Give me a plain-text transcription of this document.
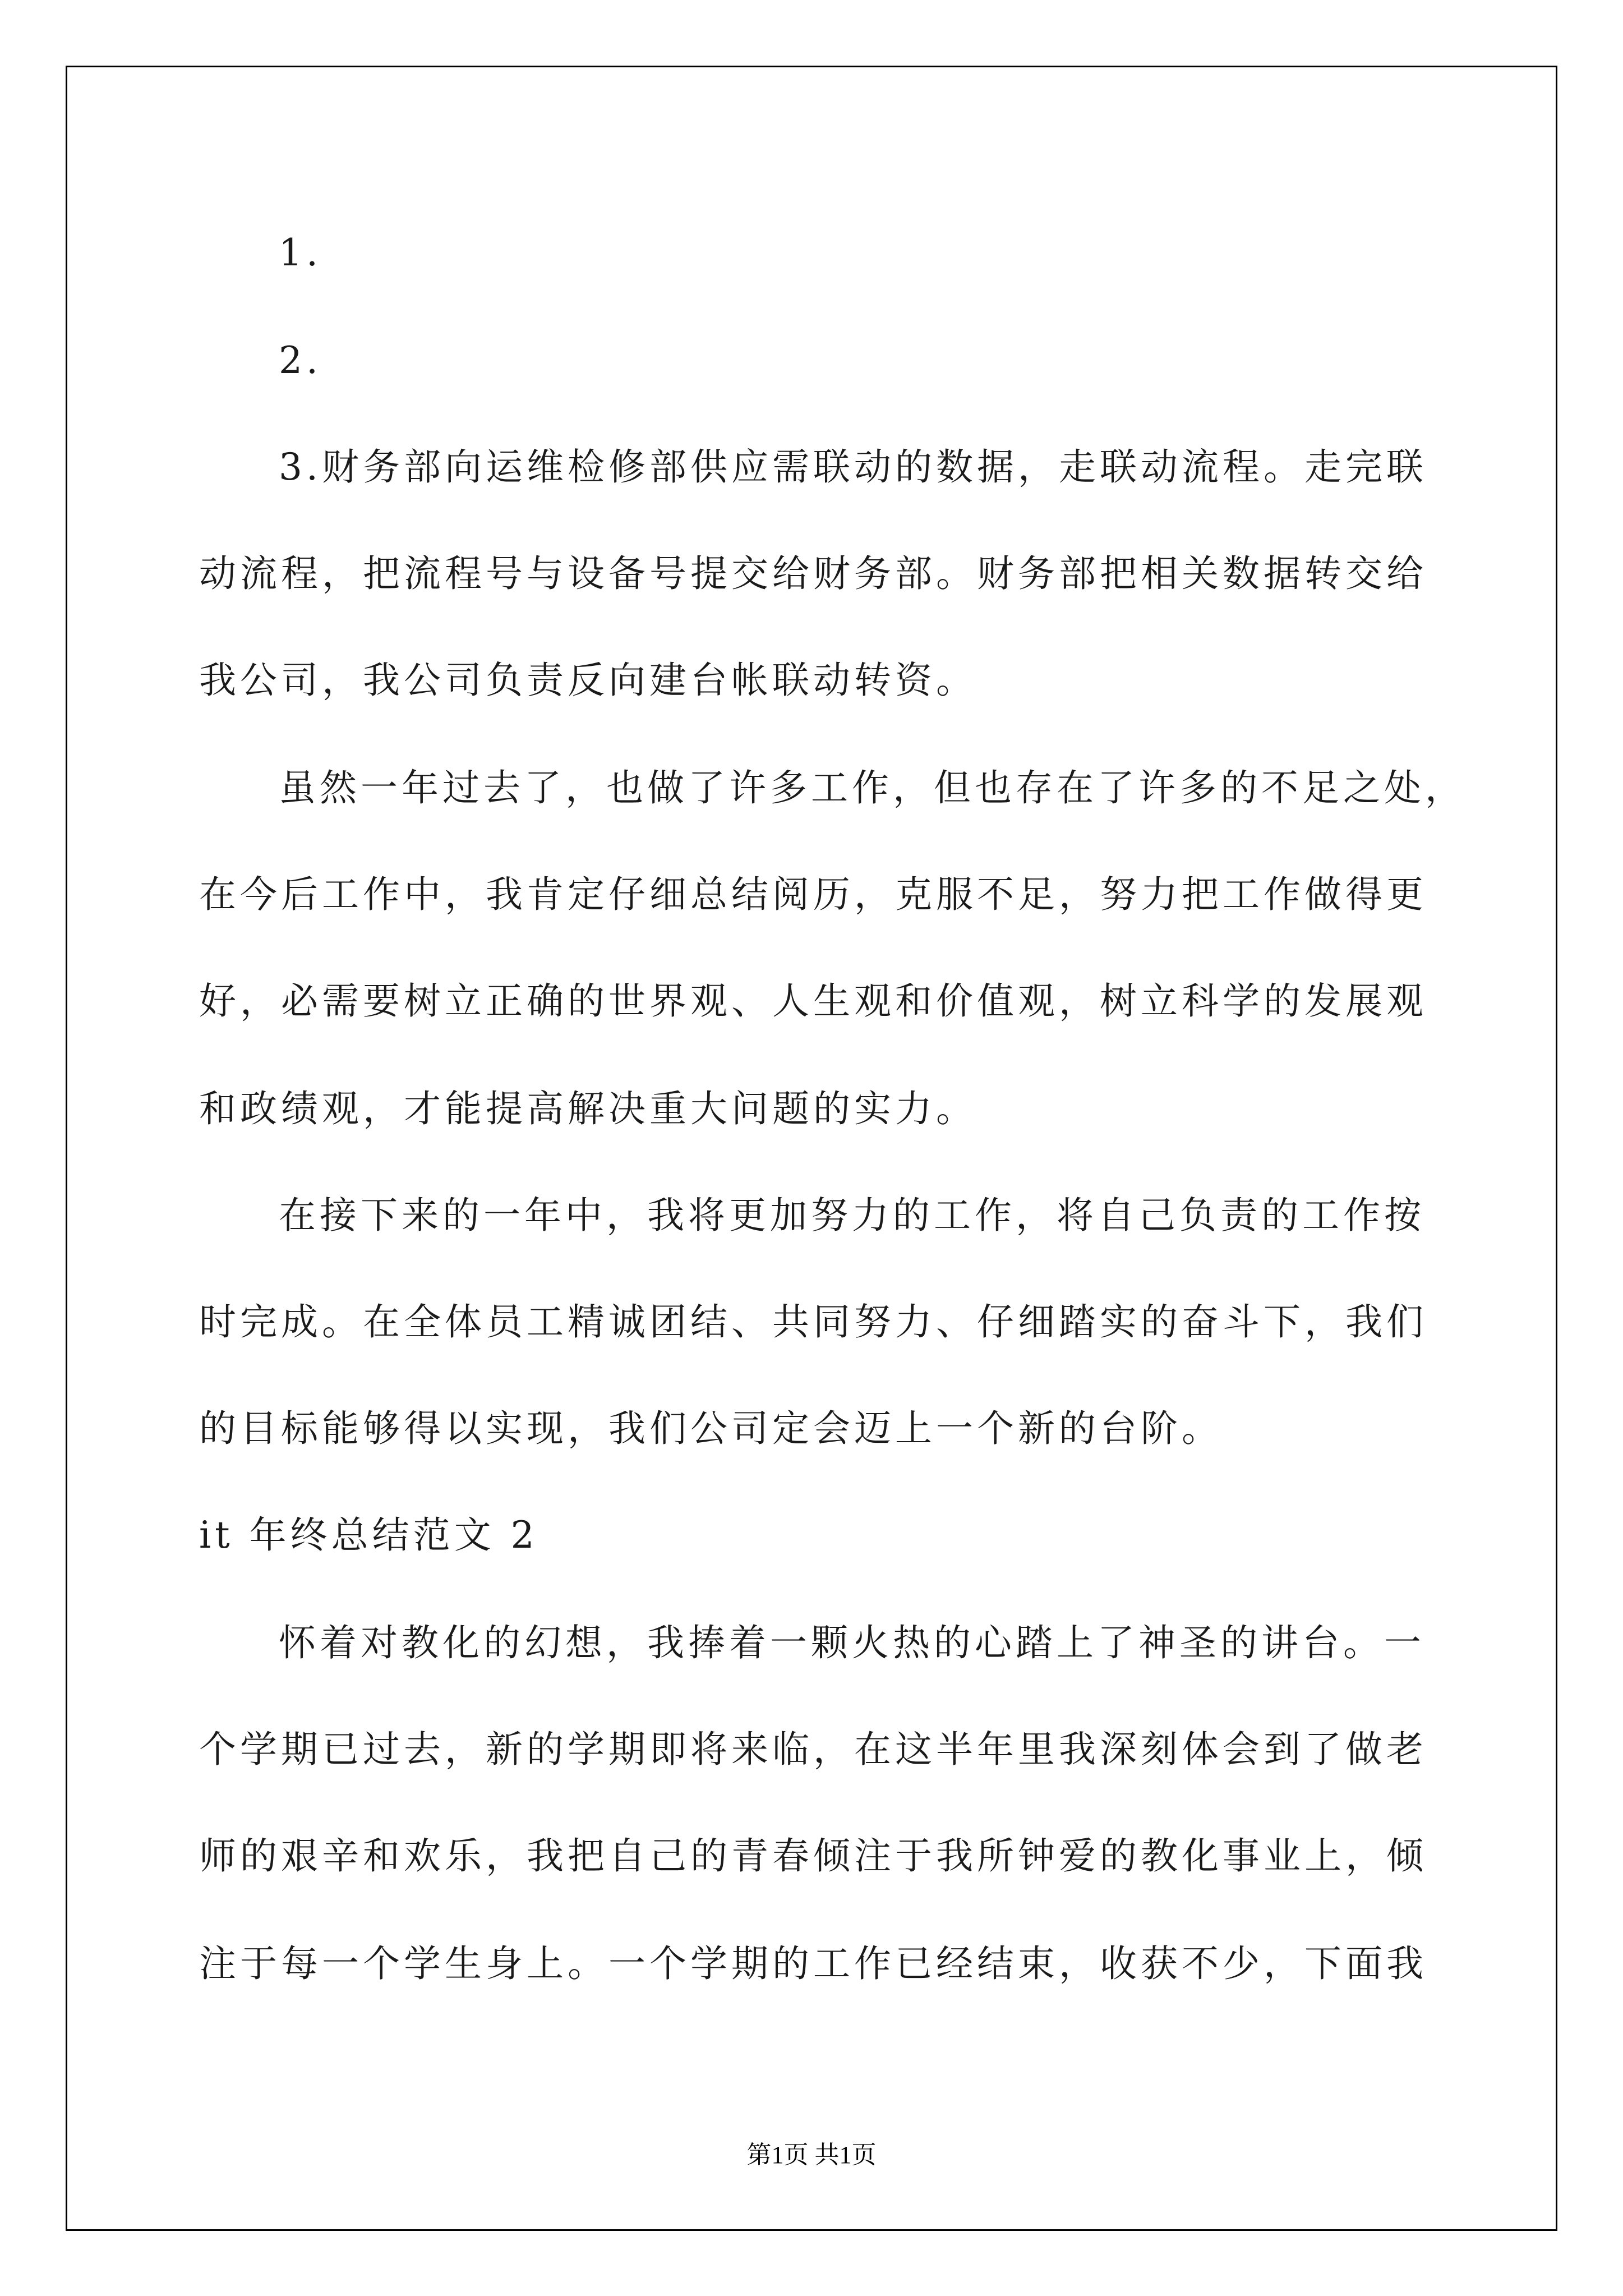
1.
2.
3.财务部向运维检修部供应需联动的数据，走联动流程。走完联
动流程，把流程号与设备号提交给财务部。财务部把相关数据转交给
我公司，我公司负责反向建台帐联动转资。
虽然一年过去了，也做了许多工作，但也存在了许多的不足之处，
在今后工作中，我肯定仔细总结阅历，克服不足，努力把工作做得更
好，必需要树立正确的世界观、人生观和价值观，树立科学的发展观
和政绩观，才能提高解决重大问题的实力。
在接下来的一年中，我将更加努力的工作，将自己负责的工作按
时完成。在全体员工精诚团结、共同努力、仔细踏实的奋斗下，我们
的目标能够得以实现，我们公司定会迈上一个新的台阶。
it 年终总结范文 2
怀着对教化的幻想，我捧着一颗火热的心踏上了神圣的讲台。一
个学期已过去，新的学期即将来临，在这半年里我深刻体会到了做老
师的艰辛和欢乐，我把自己的青春倾注于我所钟爱的教化事业上，倾
注于每一个学生身上。一个学期的工作已经结束，收获不少，下面我
第1页 共1页
